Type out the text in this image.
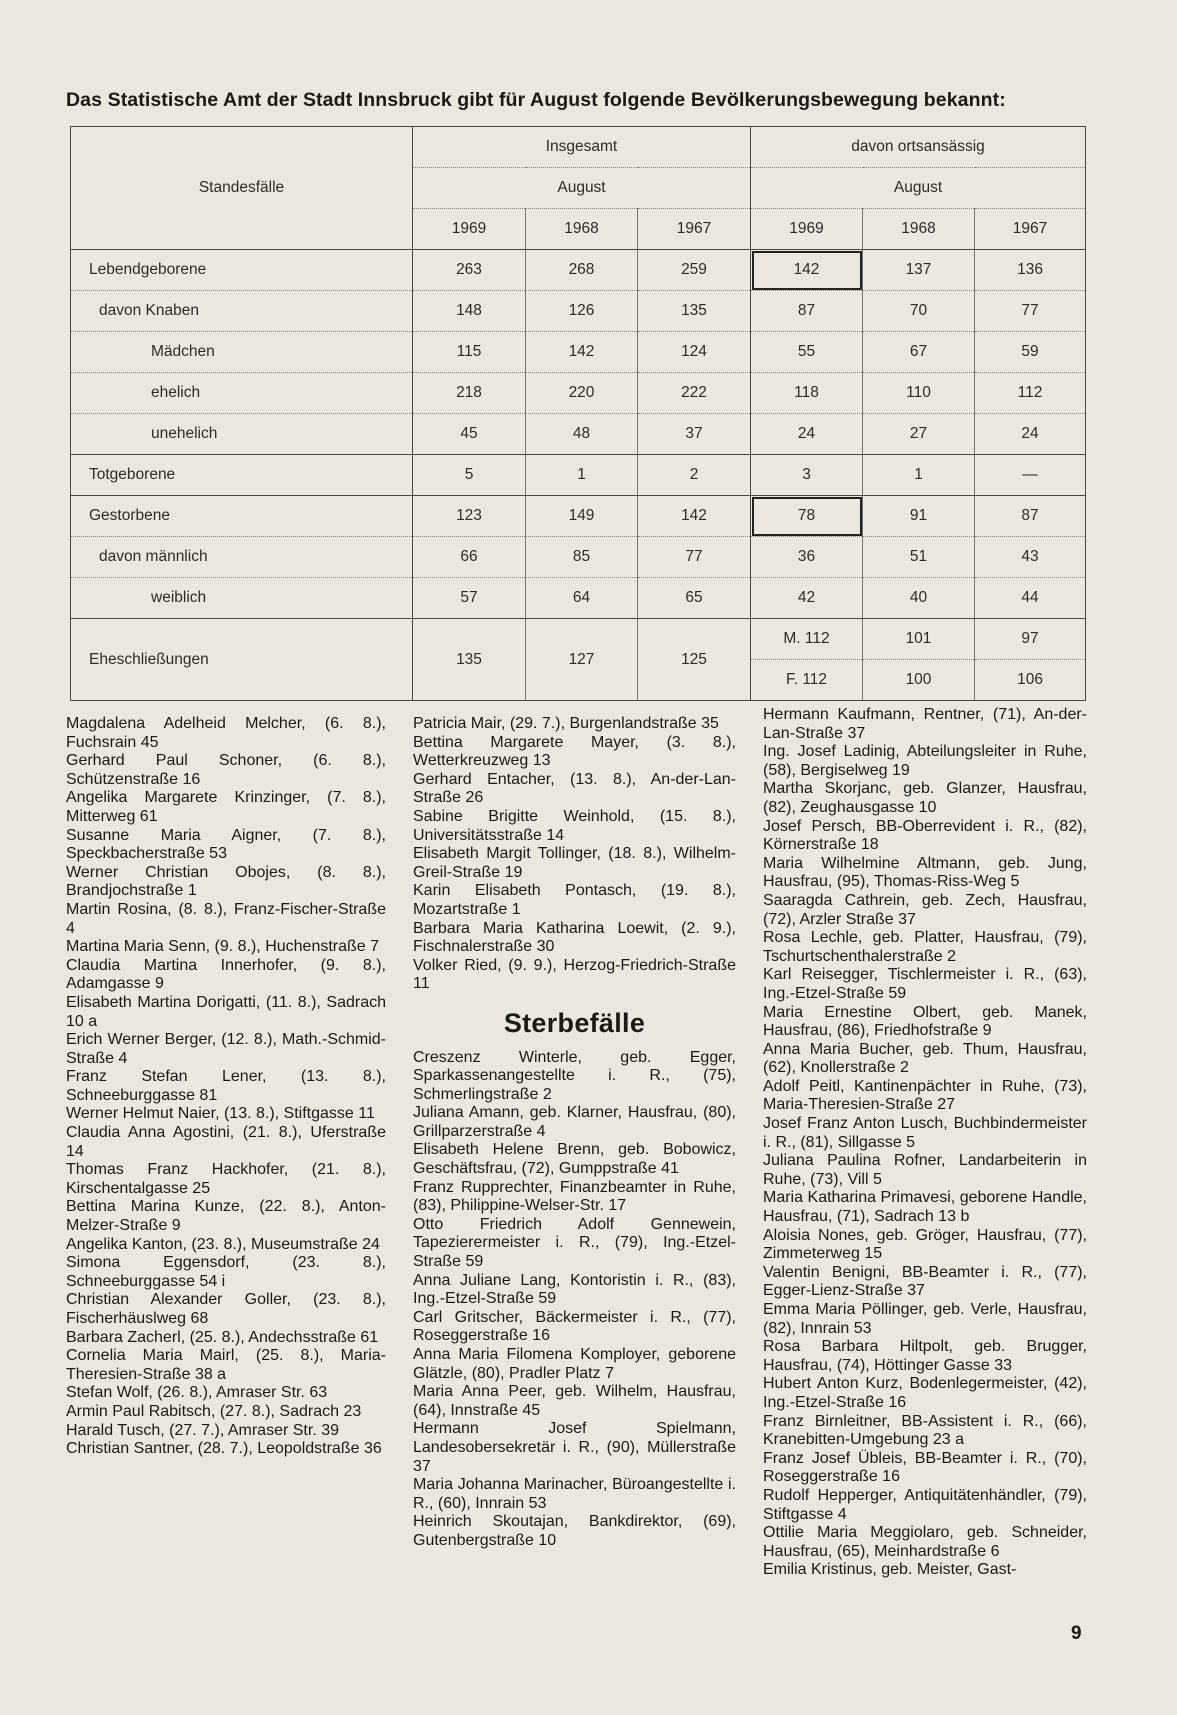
Das Statistische Amt der Stadt Innsbruck gibt für August folgende Bevölkerungsbewegung bekannt:
Standesfälle	Insgesamt			davon ortsansässig		
	August			August		
	1969	1968	1967	1969	1968	1967
Lebendgeborene	263	268	259	142	137	136
davon Knaben	148	126	135	87	70	77
Mädchen	115	142	124	55	67	59
ehelich	218	220	222	118	110	112
unehelich	45	48	37	24	27	24
Totgeborene	5	1	2	3	1	—
Gestorbene	123	149	142	78	91	87
davon männlich	66	85	77	36	51	43
weiblich	57	64	65	42	40	44
Eheschließungen	135	127	125	M. 112	101	97
				F. 112	100	106

Magdalena Adelheid Melcher, (6. 8.), Fuchsrain 45

Gerhard Paul Schoner, (6. 8.), Schützenstraße 16

Angelika Margarete Krinzinger, (7. 8.), Mitterweg 61

Susanne Maria Aigner, (7. 8.), Speckbacherstraße 53

Werner Christian Obojes, (8. 8.), Brandjochstraße 1

Martin Rosina, (8. 8.), Franz-Fischer-Straße 4

Martina Maria Senn, (9. 8.), Huchenstraße 7

Claudia Martina Innerhofer, (9. 8.), Adamgasse 9

Elisabeth Martina Dorigatti, (11. 8.), Sadrach 10 a

Erich Werner Berger, (12. 8.), Math.-Schmid-Straße 4

Franz Stefan Lener, (13. 8.), Schneeburggasse 81

Werner Helmut Naier, (13. 8.), Stiftgasse 11

Claudia Anna Agostini, (21. 8.), Uferstraße 14

Thomas Franz Hackhofer, (21. 8.), Kirschentalgasse 25

Bettina Marina Kunze, (22. 8.), Anton-Melzer-Straße 9

Angelika Kanton, (23. 8.), Museumstraße 24

Simona Eggensdorf, (23. 8.), Schneeburggasse 54 i

Christian Alexander Goller, (23. 8.), Fischerhäuslweg 68

Barbara Zacherl, (25. 8.), Andechsstraße 61

Cornelia Maria Mairl, (25. 8.), Maria-Theresien-Straße 38 a

Stefan Wolf, (26. 8.), Amraser Str. 63

Armin Paul Rabitsch, (27. 8.), Sadrach 23

Harald Tusch, (27. 7.), Amraser Str. 39

Christian Santner, (28. 7.), Leopoldstraße 36

Patricia Mair, (29. 7.), Burgenlandstraße 35

Bettina Margarete Mayer, (3. 8.), Wetterkreuzweg 13

Gerhard Entacher, (13. 8.), An-der-Lan-Straße 26

Sabine Brigitte Weinhold, (15. 8.), Universitätsstraße 14

Elisabeth Margit Tollinger, (18. 8.), Wilhelm-Greil-Straße 19

Karin Elisabeth Pontasch, (19. 8.), Mozartstraße 1

Barbara Maria Katharina Loewit, (2. 9.), Fischnalerstraße 30

Volker Ried, (9. 9.), Herzog-Friedrich-Straße 11

Sterbefälle

Creszenz Winterle, geb. Egger, Sparkassenangestellte i. R., (75), Schmerlingstraße 2

Juliana Amann, geb. Klarner, Hausfrau, (80), Grillparzerstraße 4

Elisabeth Helene Brenn, geb. Bobowicz, Geschäftsfrau, (72), Gumppstraße 41

Franz Rupprechter, Finanzbeamter in Ruhe, (83), Philippine-Welser-Str. 17

Otto Friedrich Adolf Gennewein, Tapezierermeister i. R., (79), Ing.-Etzel-Straße 59

Anna Juliane Lang, Kontoristin i. R., (83), Ing.-Etzel-Straße 59

Carl Gritscher, Bäckermeister i. R., (77), Roseggerstraße 16

Anna Maria Filomena Komployer, geborene Glätzle, (80), Pradler Platz 7

Maria Anna Peer, geb. Wilhelm, Hausfrau, (64), Innstraße 45

Hermann Josef Spielmann, Landesobersekretär i. R., (90), Müllerstraße 37

Maria Johanna Marinacher, Büroangestellte i. R., (60), Innrain 53

Heinrich Skoutajan, Bankdirektor, (69), Gutenbergstraße 10

Hermann Kaufmann, Rentner, (71), An-der-Lan-Straße 37

Ing. Josef Ladinig, Abteilungsleiter in Ruhe, (58), Bergiselweg 19

Martha Skorjanc, geb. Glanzer, Hausfrau, (82), Zeughausgasse 10

Josef Persch, BB-Oberrevident i. R., (82), Körnerstraße 18

Maria Wilhelmine Altmann, geb. Jung, Hausfrau, (95), Thomas-Riss-Weg 5

Saaragda Cathrein, geb. Zech, Hausfrau, (72), Arzler Straße 37

Rosa Lechle, geb. Platter, Hausfrau, (79), Tschurtschenthalerstraße 2

Karl Reisegger, Tischlermeister i. R., (63), Ing.-Etzel-Straße 59

Maria Ernestine Olbert, geb. Manek, Hausfrau, (86), Friedhofstraße 9

Anna Maria Bucher, geb. Thum, Hausfrau, (62), Knollerstraße 2

Adolf Peitl, Kantinenpächter in Ruhe, (73), Maria-Theresien-Straße 27

Josef Franz Anton Lusch, Buchbindermeister i. R., (81), Sillgasse 5

Juliana Paulina Rofner, Landarbeiterin in Ruhe, (73), Vill 5

Maria Katharina Primavesi, geborene Handle, Hausfrau, (71), Sadrach 13 b

Aloisia Nones, geb. Gröger, Hausfrau, (77), Zimmeterweg 15

Valentin Benigni, BB-Beamter i. R., (77), Egger-Lienz-Straße 37

Emma Maria Pöllinger, geb. Verle, Hausfrau, (82), Innrain 53

Rosa Barbara Hiltpolt, geb. Brugger, Hausfrau, (74), Höttinger Gasse 33

Hubert Anton Kurz, Bodenlegermeister, (42), Ing.-Etzel-Straße 16

Franz Birnleitner, BB-Assistent i. R., (66), Kranebitten-Umgebung 23 a

Franz Josef Übleis, BB-Beamter i. R., (70), Roseggerstraße 16

Rudolf Hepperger, Antiquitätenhändler, (79), Stiftgasse 4

Ottilie Maria Meggiolaro, geb. Schneider, Hausfrau, (65), Meinhardstraße 6

Emilia Kristinus, geb. Meister, Gast-

9
